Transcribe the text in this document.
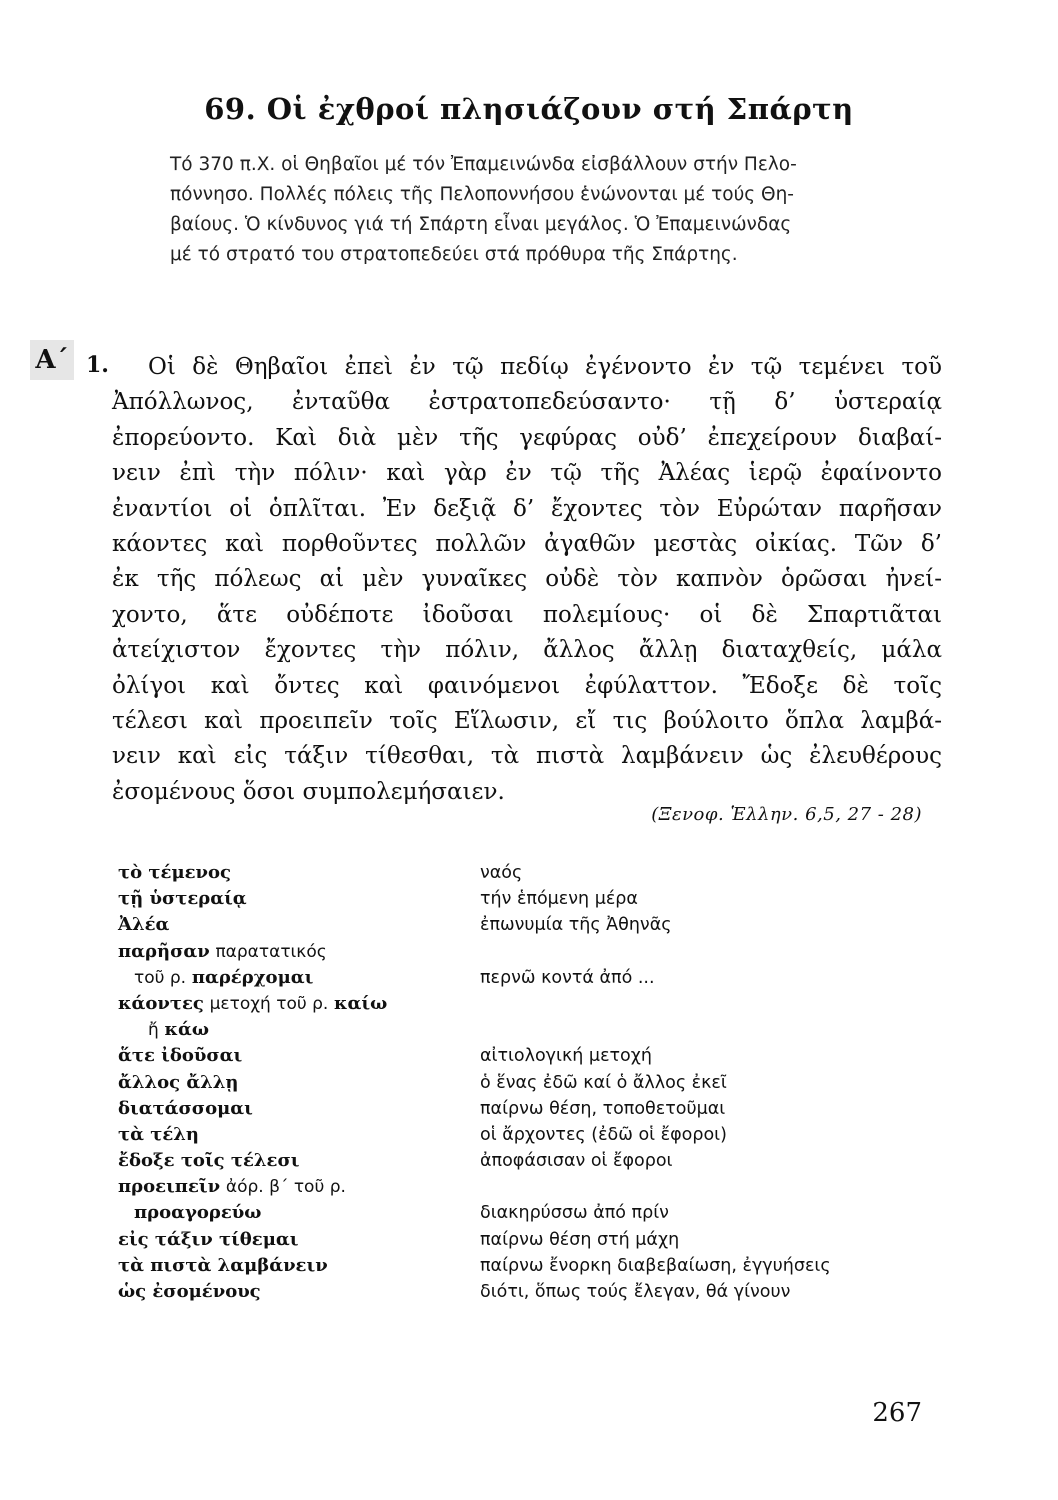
69. Οἱ ἐχθροί πλησιάζουν στή Σπάρτη
Τό 370 π.Χ. οἱ Θηβαῖοι μέ τόν Ἐπαμεινώνδα εἰσβάλλουν στήν Πελο-
πόννησο. Πολλές πόλεις τῆς Πελοποννήσου ἑνώνονται μέ τούς Θη-
βαίους. Ὁ κίνδυνος γιά τή Σπάρτη εἶναι μεγάλος. Ὁ Ἐπαμεινώνδας
μέ τό στρατό του στρατοπεδεύει στά πρόθυρα τῆς Σπάρτης.
Α΄ 1.	Οἱ δὲ Θηβαῖοι ἐπεὶ ἐν τῷ πεδίῳ ἐγένοντο ἐν τῷ τεμένει τοῦ
Ἀπόλλωνος, ἐνταῦθα ἐστρατοπεδεύσαντο· τῇ δ’ ὑστεραίᾳ
ἐπορεύοντο. Καὶ διὰ μὲν τῆς γεφύρας οὐδ’ ἐπεχείρουν διαβαί-
νειν ἐπὶ τὴν πόλιν· καὶ γὰρ ἐν τῷ τῆς Ἀλέας ἱερῷ ἐφαίνοντο
ἐναντίοι οἱ ὁπλῖται. Ἐν δεξιᾷ δ’ ἔχοντες τὸν Εὐρώταν παρῆσαν
κάοντες καὶ πορθοῦντες πολλῶν ἀγαθῶν μεστὰς οἰκίας. Τῶν δ’
ἐκ τῆς πόλεως αἱ μὲν γυναῖκες οὐδὲ τὸν καπνὸν ὁρῶσαι ἠνεί-
χοντο, ἅτε οὐδέποτε ἰδοῦσαι πολεμίους· οἱ δὲ Σπαρτιᾶται
ἀτείχιστον ἔχοντες τὴν πόλιν, ἄλλος ἄλλῃ διαταχθείς, μάλα
ὀλίγοι καὶ ὄντες καὶ φαινόμενοι ἐφύλαττον. Ἔδοξε δὲ τοῖς
τέλεσι καὶ προειπεῖν τοῖς Εἵλωσιν, εἴ τις βούλοιτο ὅπλα λαμβά-
νειν καὶ εἰς τάξιν τίθεσθαι, τὰ πιστὰ λαμβάνειν ὡς ἐλευθέρους
ἐσομένους ὅσοι συμπολεμήσαιεν.
(Ξενοφ. Ἑλλην. 6,5, 27 - 28)
τὸ τέμενος	ναός
τῇ ὑστεραίᾳ	τήν ἑπόμενη μέρα
Ἀλέα	ἐπωνυμία τῆς Ἀθηνᾶς
παρῆσαν παρατατικός
τοῦ ρ. παρέρχομαι	περνῶ κοντά ἀπό ...
κάοντες μετοχή τοῦ ρ. καίω
ἤ κάω
ἅτε ἰδοῦσαι	αἰτιολογική μετοχή
ἄλλος ἄλλῃ	ὁ ἕνας ἐδῶ καί ὁ ἄλλος ἐκεῖ
διατάσσομαι	παίρνω θέση, τοποθετοῦμαι
τὰ τέλη	οἱ ἄρχοντες (ἐδῶ οἱ ἔφοροι)
ἔδοξε τοῖς τέλεσι	ἀποφάσισαν οἱ ἔφοροι
προειπεῖν ἀόρ. β΄ τοῦ ρ.
προαγορεύω	διακηρύσσω ἀπό πρίν
εἰς τάξιν τίθεμαι	παίρνω θέση στή μάχη
τὰ πιστὰ λαμβάνειν	παίρνω ἔνορκη διαβεβαίωση, ἐγγυήσεις
ὡς ἐσομένους	διότι, ὅπως τούς ἔλεγαν, θά γίνουν
267
